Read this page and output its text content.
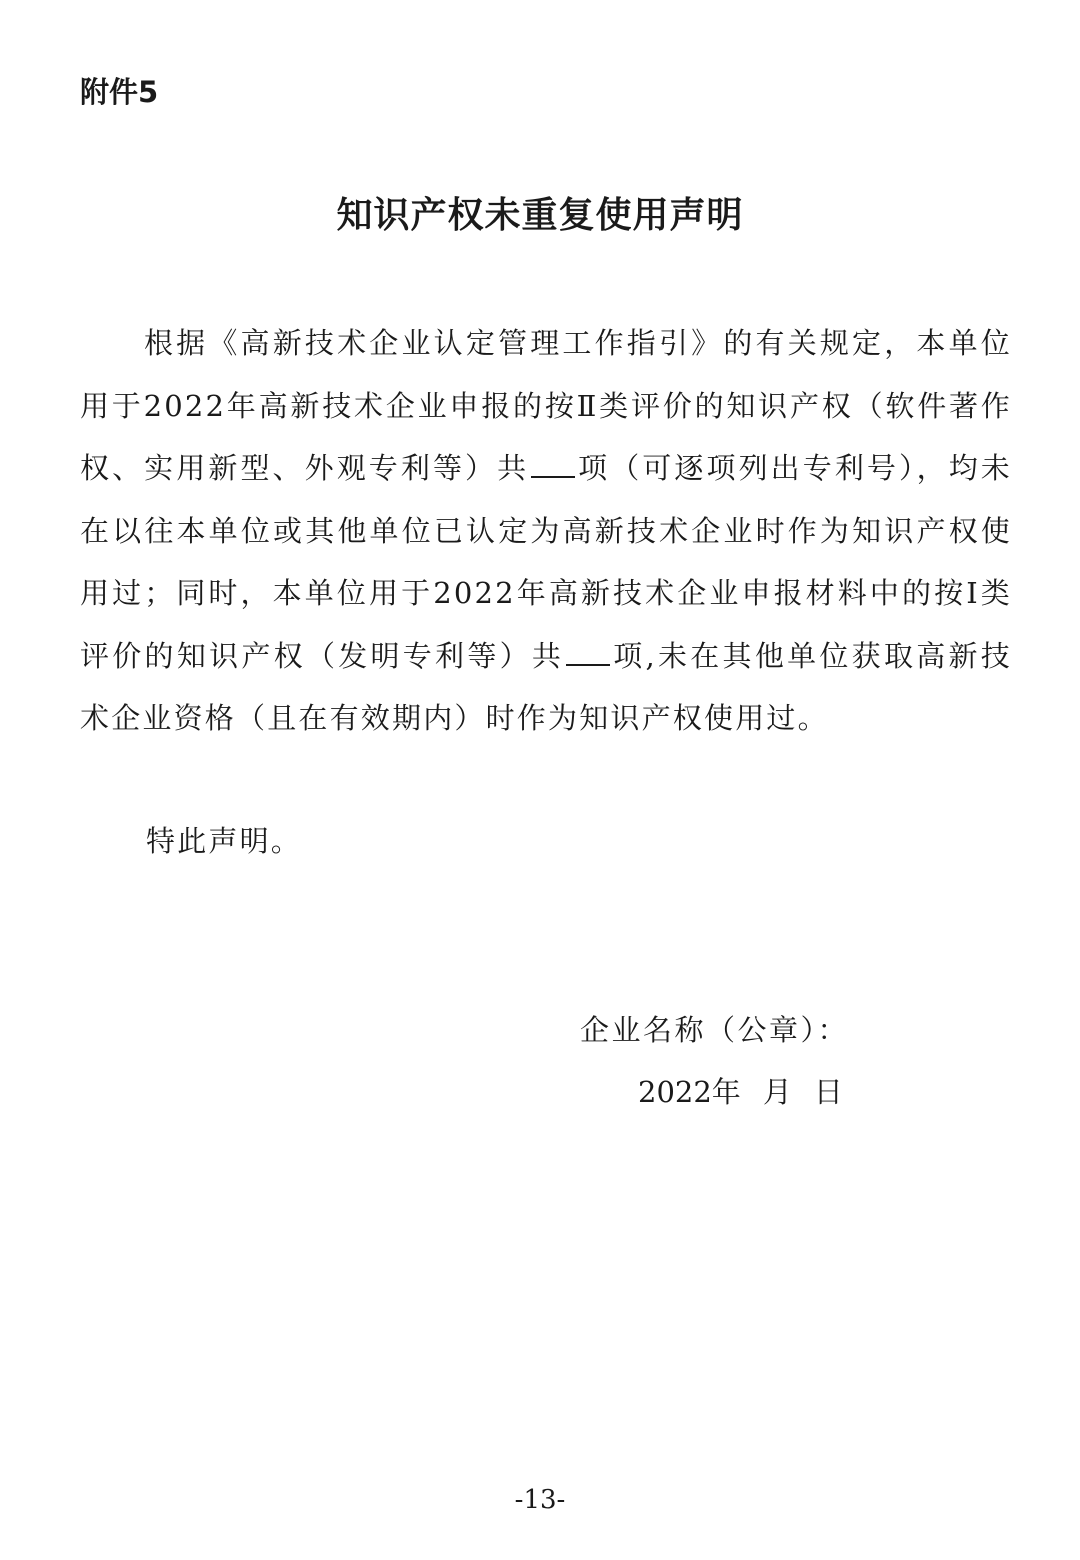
附件5
知识产权未重复使用声明
根据《高新技术企业认定管理工作指引》的有关规定，本单位用于2022年高新技术企业申报的按Ⅱ类评价的知识产权（软件著作权、实用新型、外观专利等）共 项（可逐项列出专利号），均未在以往本单位或其他单位已认定为高新技术企业时作为知识产权使用过；同时，本单位用于2022年高新技术企业申报材料中的按Ⅰ类评价的知识产权（发明专利等）共 项,未在其他单位获取高新技术企业资格（且在有效期内）时作为知识产权使用过。
特此声明。
企业名称（公章）：
2022年 月 日
-13-
